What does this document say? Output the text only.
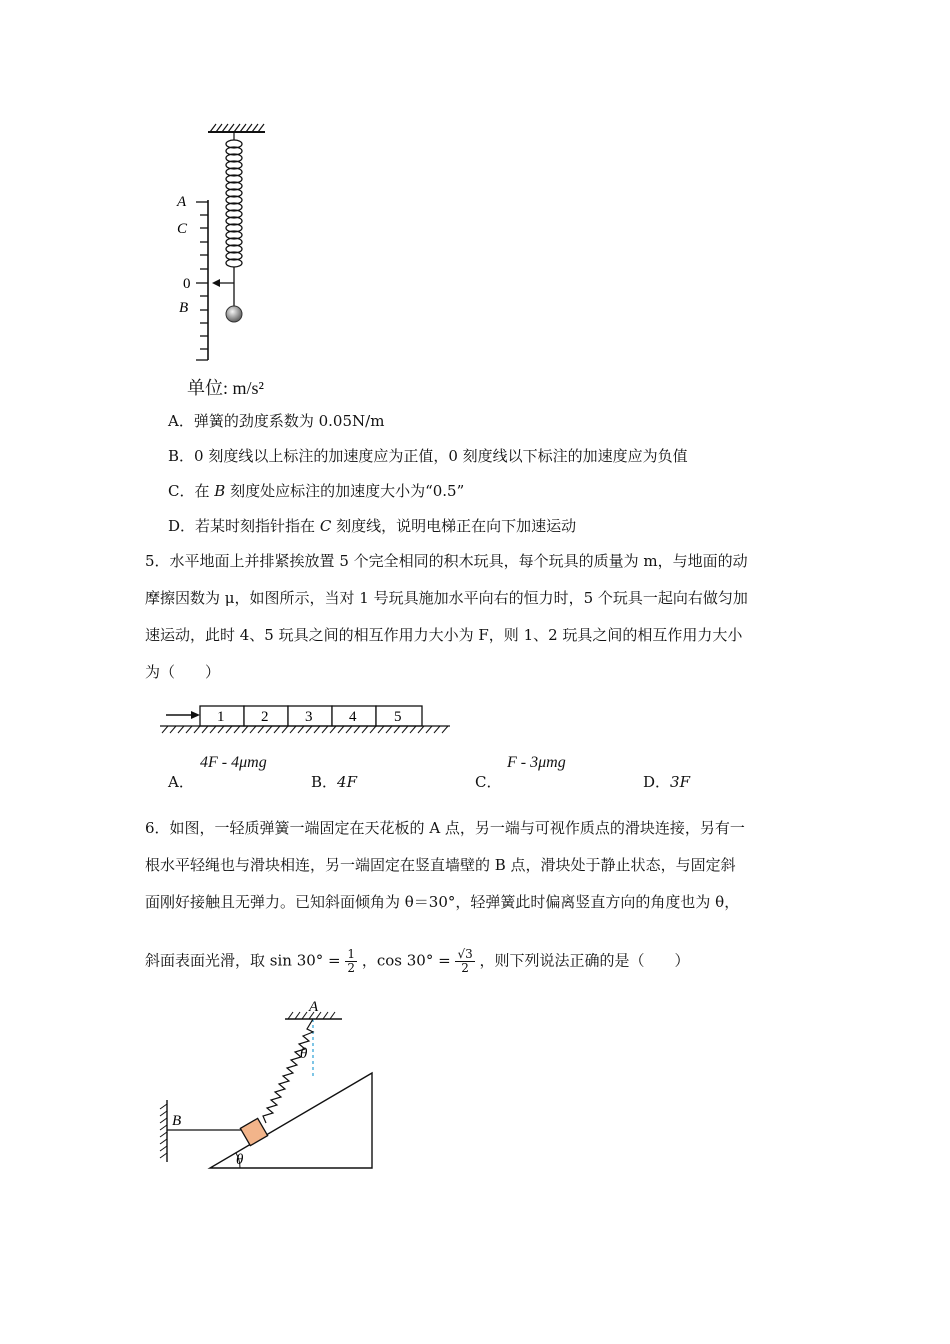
A
C
0
B
单位: m/s²
A．弹簧的劲度系数为 0.05N/m
B．0 刻度线以上标注的加速度应为正值，0 刻度线以下标注的加速度应为负值
C．在 B 刻度处应标注的加速度大小为“0.5”
D．若某时刻指针指在 C 刻度线，说明电梯正在向下加速运动
5．水平地面上并排紧挨放置 5 个完全相同的积木玩具，每个玩具的质量为 m，与地面的动
摩擦因数为 μ，如图所示，当对 1 号玩具施加水平向右的恒力时，5 个玩具一起向右做匀加
速运动，此时 4、5 玩具之间的相互作用力大小为 F，则 1、2 玩具之间的相互作用力大小
为（　　）
1 2 3 4	5
A．
4F - 4μmg
B．4F	C．
F - 3μmg
D．3F
6．如图，一轻质弹簧一端固定在天花板的 A 点，另一端与可视作质点的滑块连接，另有一
根水平轻绳也与滑块相连，另一端固定在竖直墙壁的 B 点，滑块处于静止状态，与固定斜
面刚好接触且无弹力。已知斜面倾角为 θ＝30°，轻弹簧此时偏离竖直方向的角度也为 θ，
斜面表面光滑，取 $\sin 30^\circ = \frac{1}{2}$ ，$\cos 30^\circ = \frac{√3}{2}$ ，则下列说法正确的是（　　）
A
θ
θ
B
